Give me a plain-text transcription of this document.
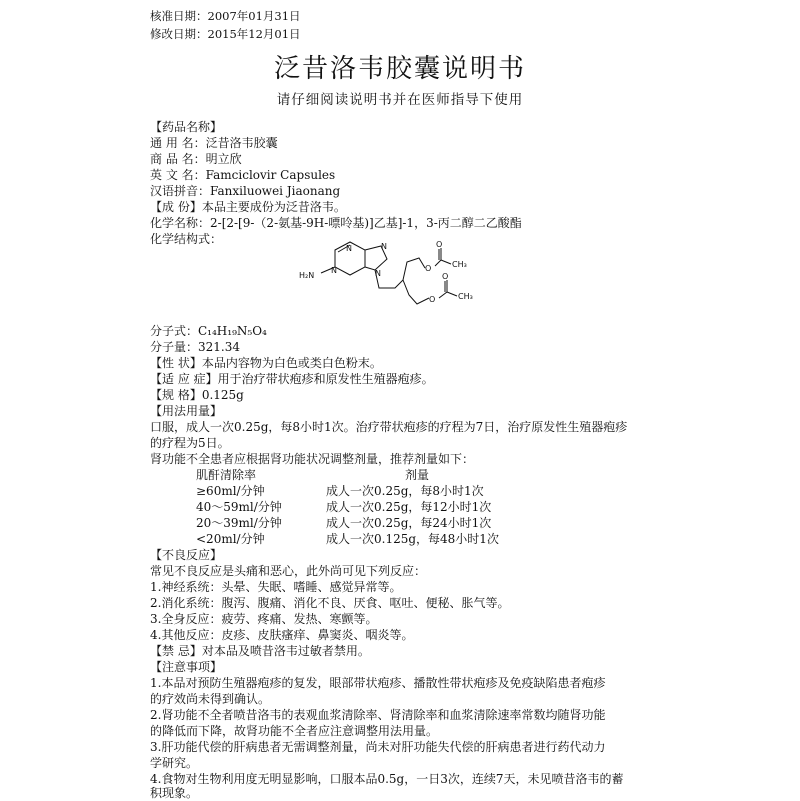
核准日期：2007年01月31日
修改日期：2015年12月01日
泛昔洛韦胶囊说明书
请仔细阅读说明书并在医师指导下使用
【药品名称】
通 用 名：泛昔洛韦胶囊
商 品 名：明立欣
英 文 名：Famciclovir Capsules
汉语拼音：Fanxiluowei Jiaonang
【成 份】本品主要成份为泛昔洛韦。
化学名称：2-[2-[9-（2-氨基-9H-嘌呤基)]乙基]-1，3-丙二醇二乙酸酯
化学结构式：
N
N
N
N
H₂N
O
O
O
O
CH₃
CH₃
分子式：C₁₄H₁₉N₅O₄
分子量：321.34
【性 状】本品内容物为白色或类白色粉末。
【适 应 症】用于治疗带状疱疹和原发性生殖器疱疹。
【规 格】0.125g
【用法用量】
口服，成人一次0.25g，每8小时1次。治疗带状疱疹的疗程为7日，治疗原发性生殖器疱疹
的疗程为5日。
肾功能不全患者应根据肾功能状况调整剂量，推荐剂量如下：
肌酐清除率	剂量
≥60ml/分钟	成人一次0.25g，每8小时1次
40～59ml/分钟	成人一次0.25g，每12小时1次
20～39ml/分钟	成人一次0.25g，每24小时1次
<20ml/分钟	成人一次0.125g，每48小时1次
【不良反应】
常见不良反应是头痛和恶心，此外尚可见下列反应：
1.神经系统：头晕、失眠、嗜睡、感觉异常等。
2.消化系统：腹泻、腹痛、消化不良、厌食、呕吐、便秘、胀气等。
3.全身反应：疲劳、疼痛、发热、寒颤等。
4.其他反应：皮疹、皮肤瘙痒、鼻窦炎、咽炎等。
【禁 忌】对本品及喷昔洛韦过敏者禁用。
【注意事项】
1.本品对预防生殖器疱疹的复发，眼部带状疱疹、播散性带状疱疹及免疫缺陷患者疱疹
的疗效尚未得到确认。
2.肾功能不全者喷昔洛韦的表观血浆清除率、肾清除率和血浆清除速率常数均随肾功能
的降低而下降，故肾功能不全者应注意调整用法用量。
3.肝功能代偿的肝病患者无需调整剂量，尚未对肝功能失代偿的肝病患者进行药代动力
学研究。
4.食物对生物利用度无明显影响，口服本品0.5g，一日3次，连续7天，未见喷昔洛韦的蓄
积现象。
